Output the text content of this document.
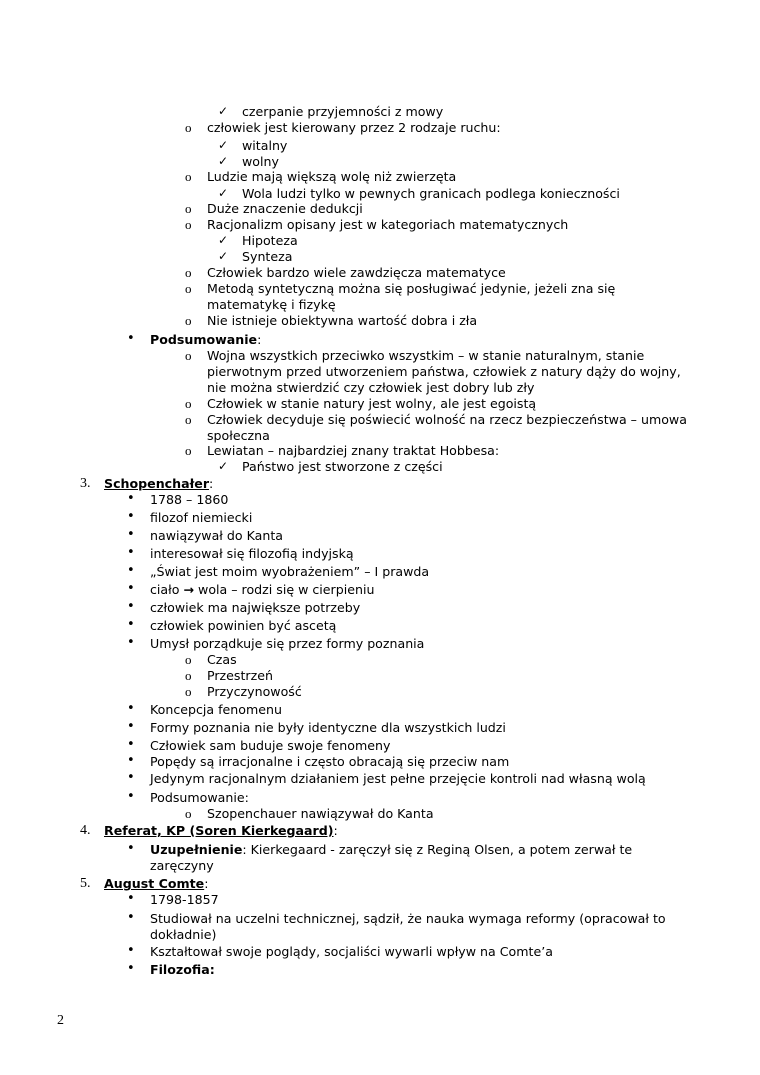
✓ czerpanie przyjemności z mowy
o człowiek jest kierowany przez 2 rodzaje ruchu:
✓ witalny
✓ wolny
o Ludzie mają większą wolę niż zwierzęta
✓ Wola ludzi tylko w pewnych granicach podlega konieczności
o Duże znaczenie dedukcji
o Racjonalizm opisany jest w kategoriach matematycznych
✓ Hipoteza
✓ Synteza
o Człowiek bardzo wiele zawdzięcza matematyce
o Metodą syntetyczną można się posługiwać jedynie, jeżeli zna się
matematykę i fizykę
o Nie istnieje obiektywna wartość dobra i zła
• Podsumowanie:
o Wojna wszystkich przeciwko wszystkim – w stanie naturalnym, stanie
pierwotnym przed utworzeniem państwa, człowiek z natury dąży do wojny,
nie można stwierdzić czy człowiek jest dobry lub zły
o Człowiek w stanie natury jest wolny, ale jest egoistą
o Człowiek decyduje się poświecić wolność na rzecz bezpieczeństwa – umowa
społeczna
o Lewiatan – najbardziej znany traktat Hobbesa:
✓ Państwo jest stworzone z części
3. Schopenchałer:
• 1788 – 1860
• filozof niemiecki
• nawiązywał do Kanta
• interesował się filozofią indyjską
• „Świat jest moim wyobrażeniem” – I prawda
• ciało → wola – rodzi się w cierpieniu
• człowiek ma największe potrzeby
• człowiek powinien być ascetą
• Umysł porządkuje się przez formy poznania
o Czas
o Przestrzeń
o Przyczynowość
• Koncepcja fenomenu
• Formy poznania nie były identyczne dla wszystkich ludzi
• Człowiek sam buduje swoje fenomeny
• Popędy są irracjonalne i często obracają się przeciw nam
• Jedynym racjonalnym działaniem jest pełne przejęcie kontroli nad własną wolą
• Podsumowanie:
o Szopenchauer nawiązywał do Kanta
4. Referat, KP (Soren Kierkegaard):
• Uzupełnienie: Kierkegaard - zaręczył się z Reginą Olsen, a potem zerwał te
zaręczyny
5. August Comte:
• 1798-1857
• Studiował na uczelni technicznej, sądził, że nauka wymaga reformy (opracował to
dokładnie)
• Kształtował swoje poglądy, socjaliści wywarli wpływ na Comte’a
• Filozofia:
2
